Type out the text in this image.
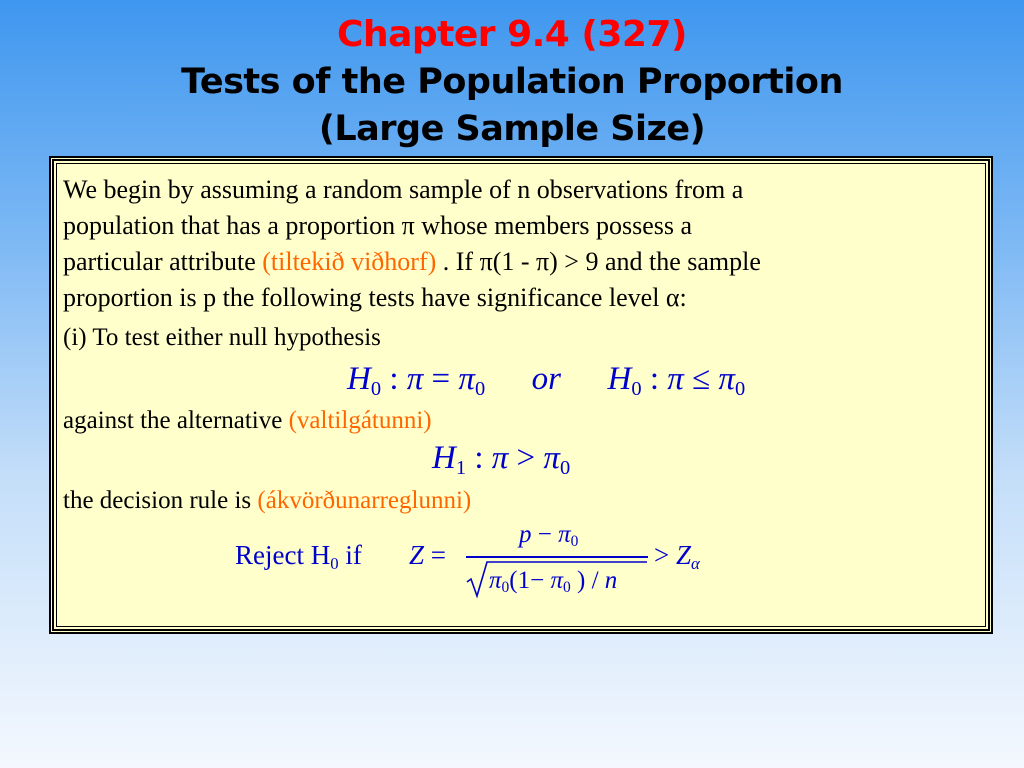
Chapter 9.4 (327)
Tests of the Population Proportion
(Large Sample Size)
We begin by assuming a random sample of n observations from a
population that has a proportion π whose members possess a
particular attribute (tiltekið viðhorf) . If π(1 - π) > 9 and the sample
proportion is p the following tests have significance level α:
(i) To test either null hypothesis
H0 : π = π0 or H0 : π ≤ π0
against the alternative (valtilgátunni)
H1 : π > π0
the decision rule is (ákvörðunarreglunni)
Reject H0 if Z =
p − π0
π0(1− π0 ) / n
> Zα
